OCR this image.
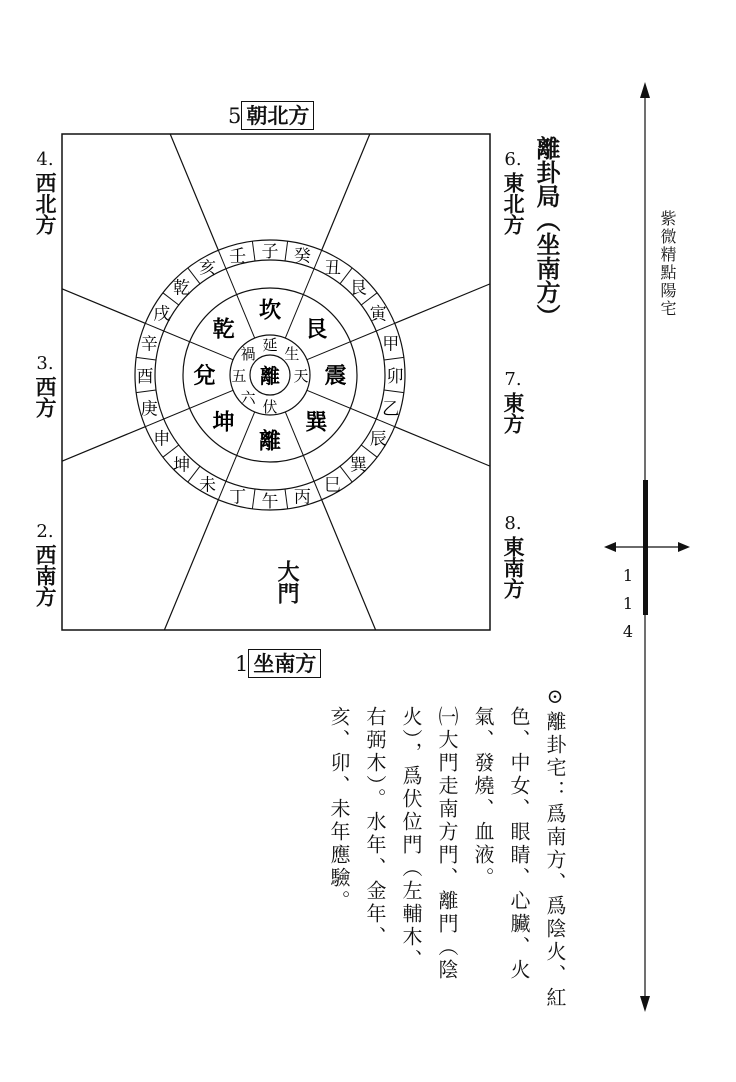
午
丁
未
坤
申
庚
酉
辛
戌
乾
亥
壬 子 癸
丑
艮
寅
甲
卯
乙
辰
巽
巳
丙
離
坤
兌
乾
坎
艮
震
巽
伏
六
五
禍
延
生
天
離
5 朝北方
1 坐南方
4.
西北方
3.
西方
2.
西南方
6.
東北方
7.
東方
8.
東南方
離卦局（坐南方）
大門
紫微精點陽宅
1
1
4
⊙離卦宅：爲南方、爲陰火、紅
色、中女、眼睛、心臟、火
氣、發燒、血液。
㈠大門走南方門、離門（陰
火），爲伏位門（左輔木、
右弼木）。水年、金年、
亥、卯、未年應驗。
